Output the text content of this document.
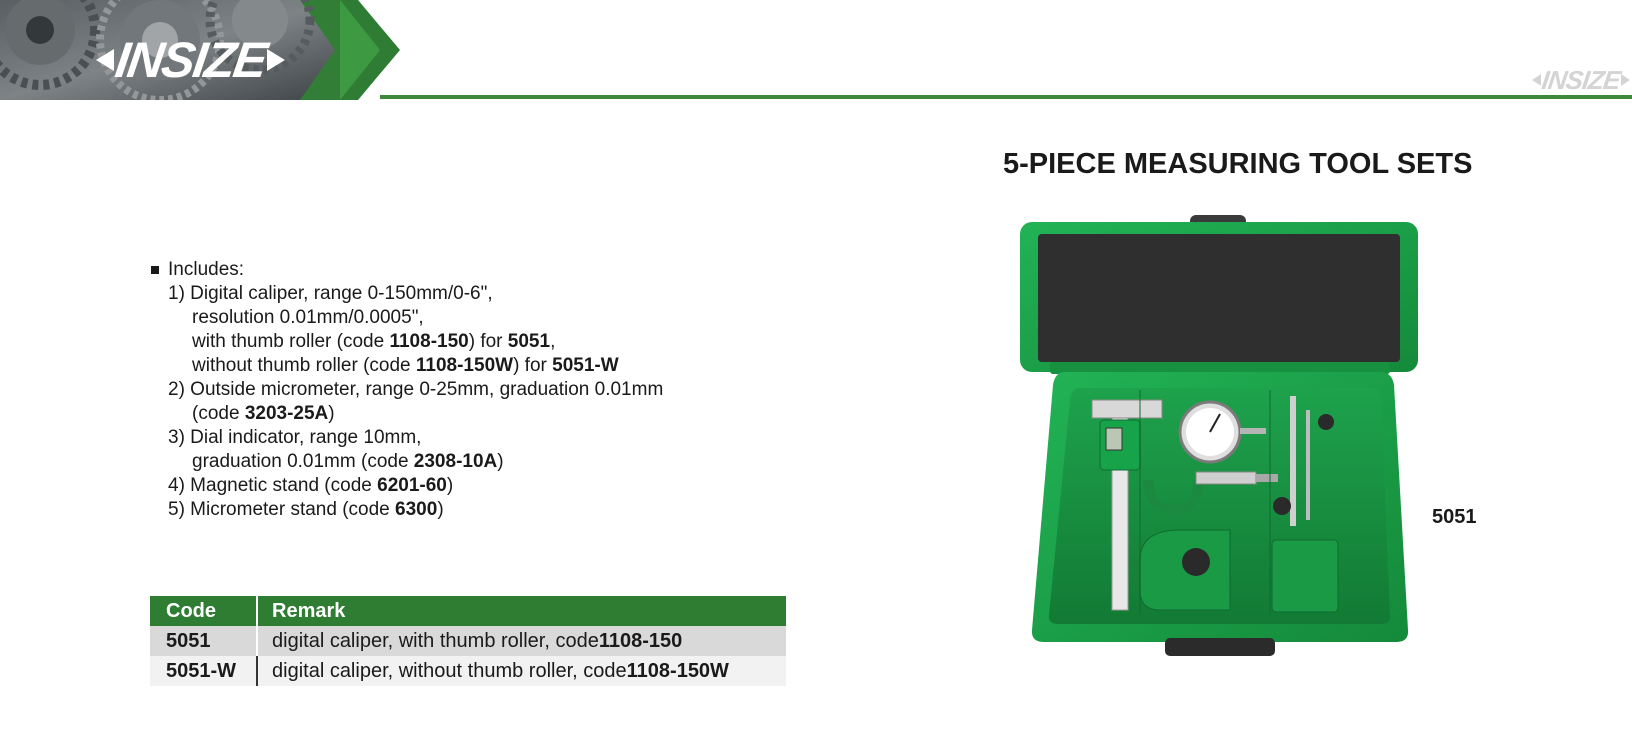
INSIZE	INSIZE
5-PIECE MEASURING TOOL SETS
Includes:
1) Digital caliper, range 0-150mm/0-6",
resolution 0.01mm/0.0005",
with thumb roller (code 1108-150) for 5051,
without thumb roller (code 1108-150W) for 5051-W
2) Outside micrometer, range 0-25mm, graduation 0.01mm
(code 3203-25A)
3) Dial indicator, range 10mm,
graduation 0.01mm (code 2308-10A)
4) Magnetic stand (code 6201-60)
5) Micrometer stand (code 6300)
Code	Remark
5051	digital caliper, with thumb roller, code 1108-150
5051-W	digital caliper, without thumb roller, code 1108-150W
5051
